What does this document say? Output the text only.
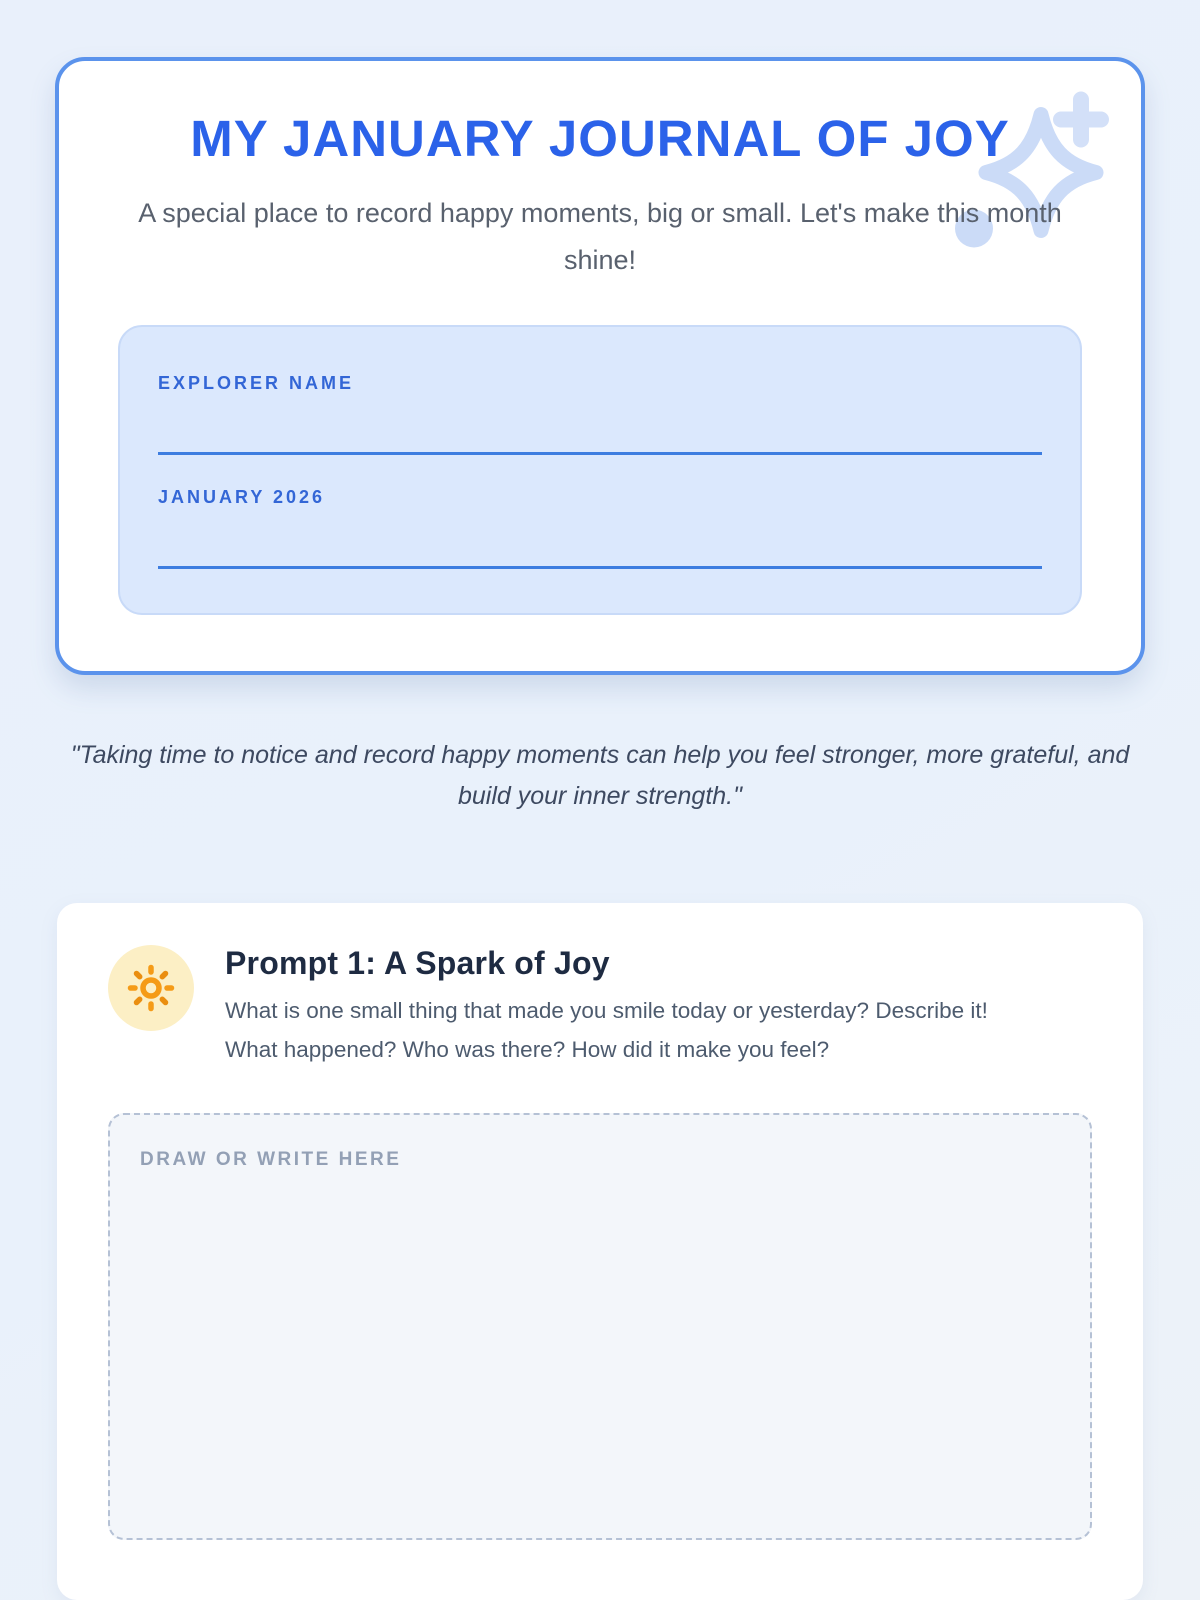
MY JANUARY JOURNAL OF JOY

A special place to record happy moments, big or small. Let's make this month shine!

EXPLORER NAME
JANUARY 2026

"Taking time to notice and record happy moments can help you feel stronger, more grateful, and build your inner strength."

Prompt 1: A Spark of Joy

What is one small thing that made you smile today or yesterday? Describe it! What happened? Who was there? How did it make you feel?

DRAW OR WRITE HERE
